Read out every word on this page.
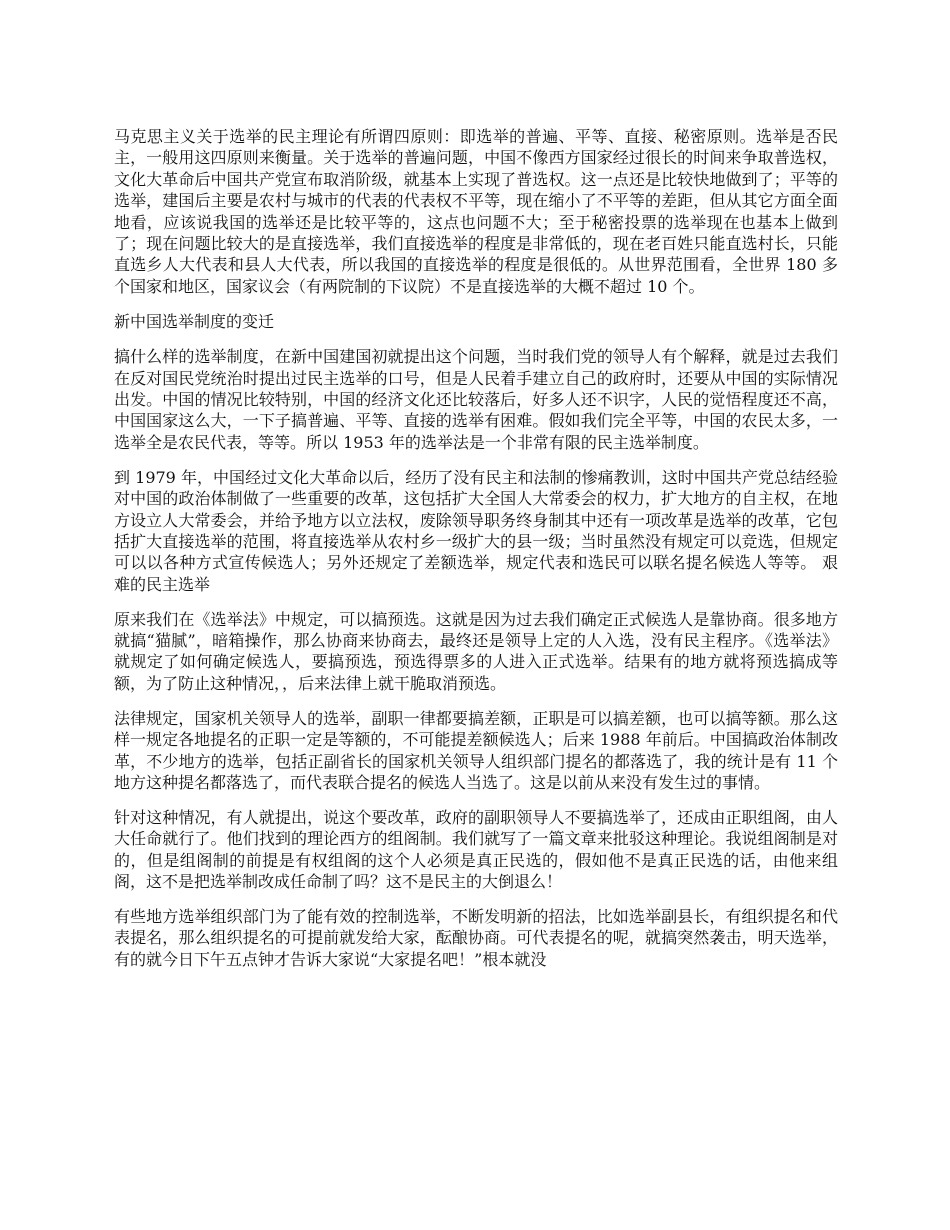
马克思主义关于选举的民主理论有所谓四原则：即选举的普遍、平等、直接、秘密原则。选举是否民主，一般用这四原则来衡量。关于选举的普遍问题，中国不像西方国家经过很长的时间来争取普选权，文化大革命后中国共产党宣布取消阶级，就基本上实现了普选权。这一点还是比较快地做到了；平等的选举，建国后主要是农村与城市的代表的代表权不平等，现在缩小了不平等的差距，但从其它方面全面地看，应该说我国的选举还是比较平等的，这点也问题不大；至于秘密投票的选举现在也基本上做到了；现在问题比较大的是直接选举，我们直接选举的程度是非常低的，现在老百姓只能直选村长，只能直选乡人大代表和县人大代表，所以我国的直接选举的程度是很低的。从世界范围看，全世界 180 多个国家和地区，国家议会（有两院制的下议院）不是直接选举的大概不超过 10 个。

新中国选举制度的变迁

搞什么样的选举制度，在新中国建国初就提出这个问题，当时我们党的领导人有个解释，就是过去我们在反对国民党统治时提出过民主选举的口号，但是人民着手建立自己的政府时，还要从中国的实际情况出发。中国的情况比较特别，中国的经济文化还比较落后，好多人还不识字，人民的觉悟程度还不高，中国国家这么大，一下子搞普遍、平等、直接的选举有困难。假如我们完全平等，中国的农民太多，一选举全是农民代表，等等。所以 1953 年的选举法是一个非常有限的民主选举制度。

到 1979 年，中国经过文化大革命以后，经历了没有民主和法制的惨痛教训，这时中国共产党总结经验对中国的政治体制做了一些重要的改革，这包括扩大全国人大常委会的权力，扩大地方的自主权，在地方设立人大常委会，并给予地方以立法权，废除领导职务终身制其中还有一项改革是选举的改革，它包括扩大直接选举的范围，将直接选举从农村乡一级扩大的县一级；当时虽然没有规定可以竞选，但规定可以以各种方式宣传候选人；另外还规定了差额选举，规定代表和选民可以联名提名候选人等等。 艰难的民主选举

原来我们在《选举法》中规定，可以搞预选。这就是因为过去我们确定正式候选人是靠协商。很多地方就搞“猫腻”，暗箱操作，那么协商来协商去，最终还是领导上定的人入选，没有民主程序。《选举法》就规定了如何确定候选人，要搞预选，预选得票多的人进入正式选举。结果有的地方就将预选搞成等额，为了防止这种情况，，后来法律上就干脆取消预选。

法律规定，国家机关领导人的选举，副职一律都要搞差额，正职是可以搞差额，也可以搞等额。那么这样一规定各地提名的正职一定是等额的，不可能提差额候选人；后来 1988 年前后。中国搞政治体制改革，不少地方的选举，包括正副省长的国家机关领导人组织部门提名的都落选了，我的统计是有 11 个地方这种提名都落选了，而代表联合提名的候选人当选了。这是以前从来没有发生过的事情。

针对这种情况，有人就提出，说这个要改革，政府的副职领导人不要搞选举了，还成由正职组阁，由人大任命就行了。他们找到的理论西方的组阁制。我们就写了一篇文章来批驳这种理论。我说组阁制是对的，但是组阁制的前提是有权组阁的这个人必须是真正民选的，假如他不是真正民选的话，由他来组阁，这不是把选举制改成任命制了吗？这不是民主的大倒退么！

有些地方选举组织部门为了能有效的控制选举，不断发明新的招法，比如选举副县长，有组织提名和代表提名，那么组织提名的可提前就发给大家，酝酿协商。可代表提名的呢，就搞突然袭击，明天选举，有的就今日下午五点钟才告诉大家说“大家提名吧！”根本就没
